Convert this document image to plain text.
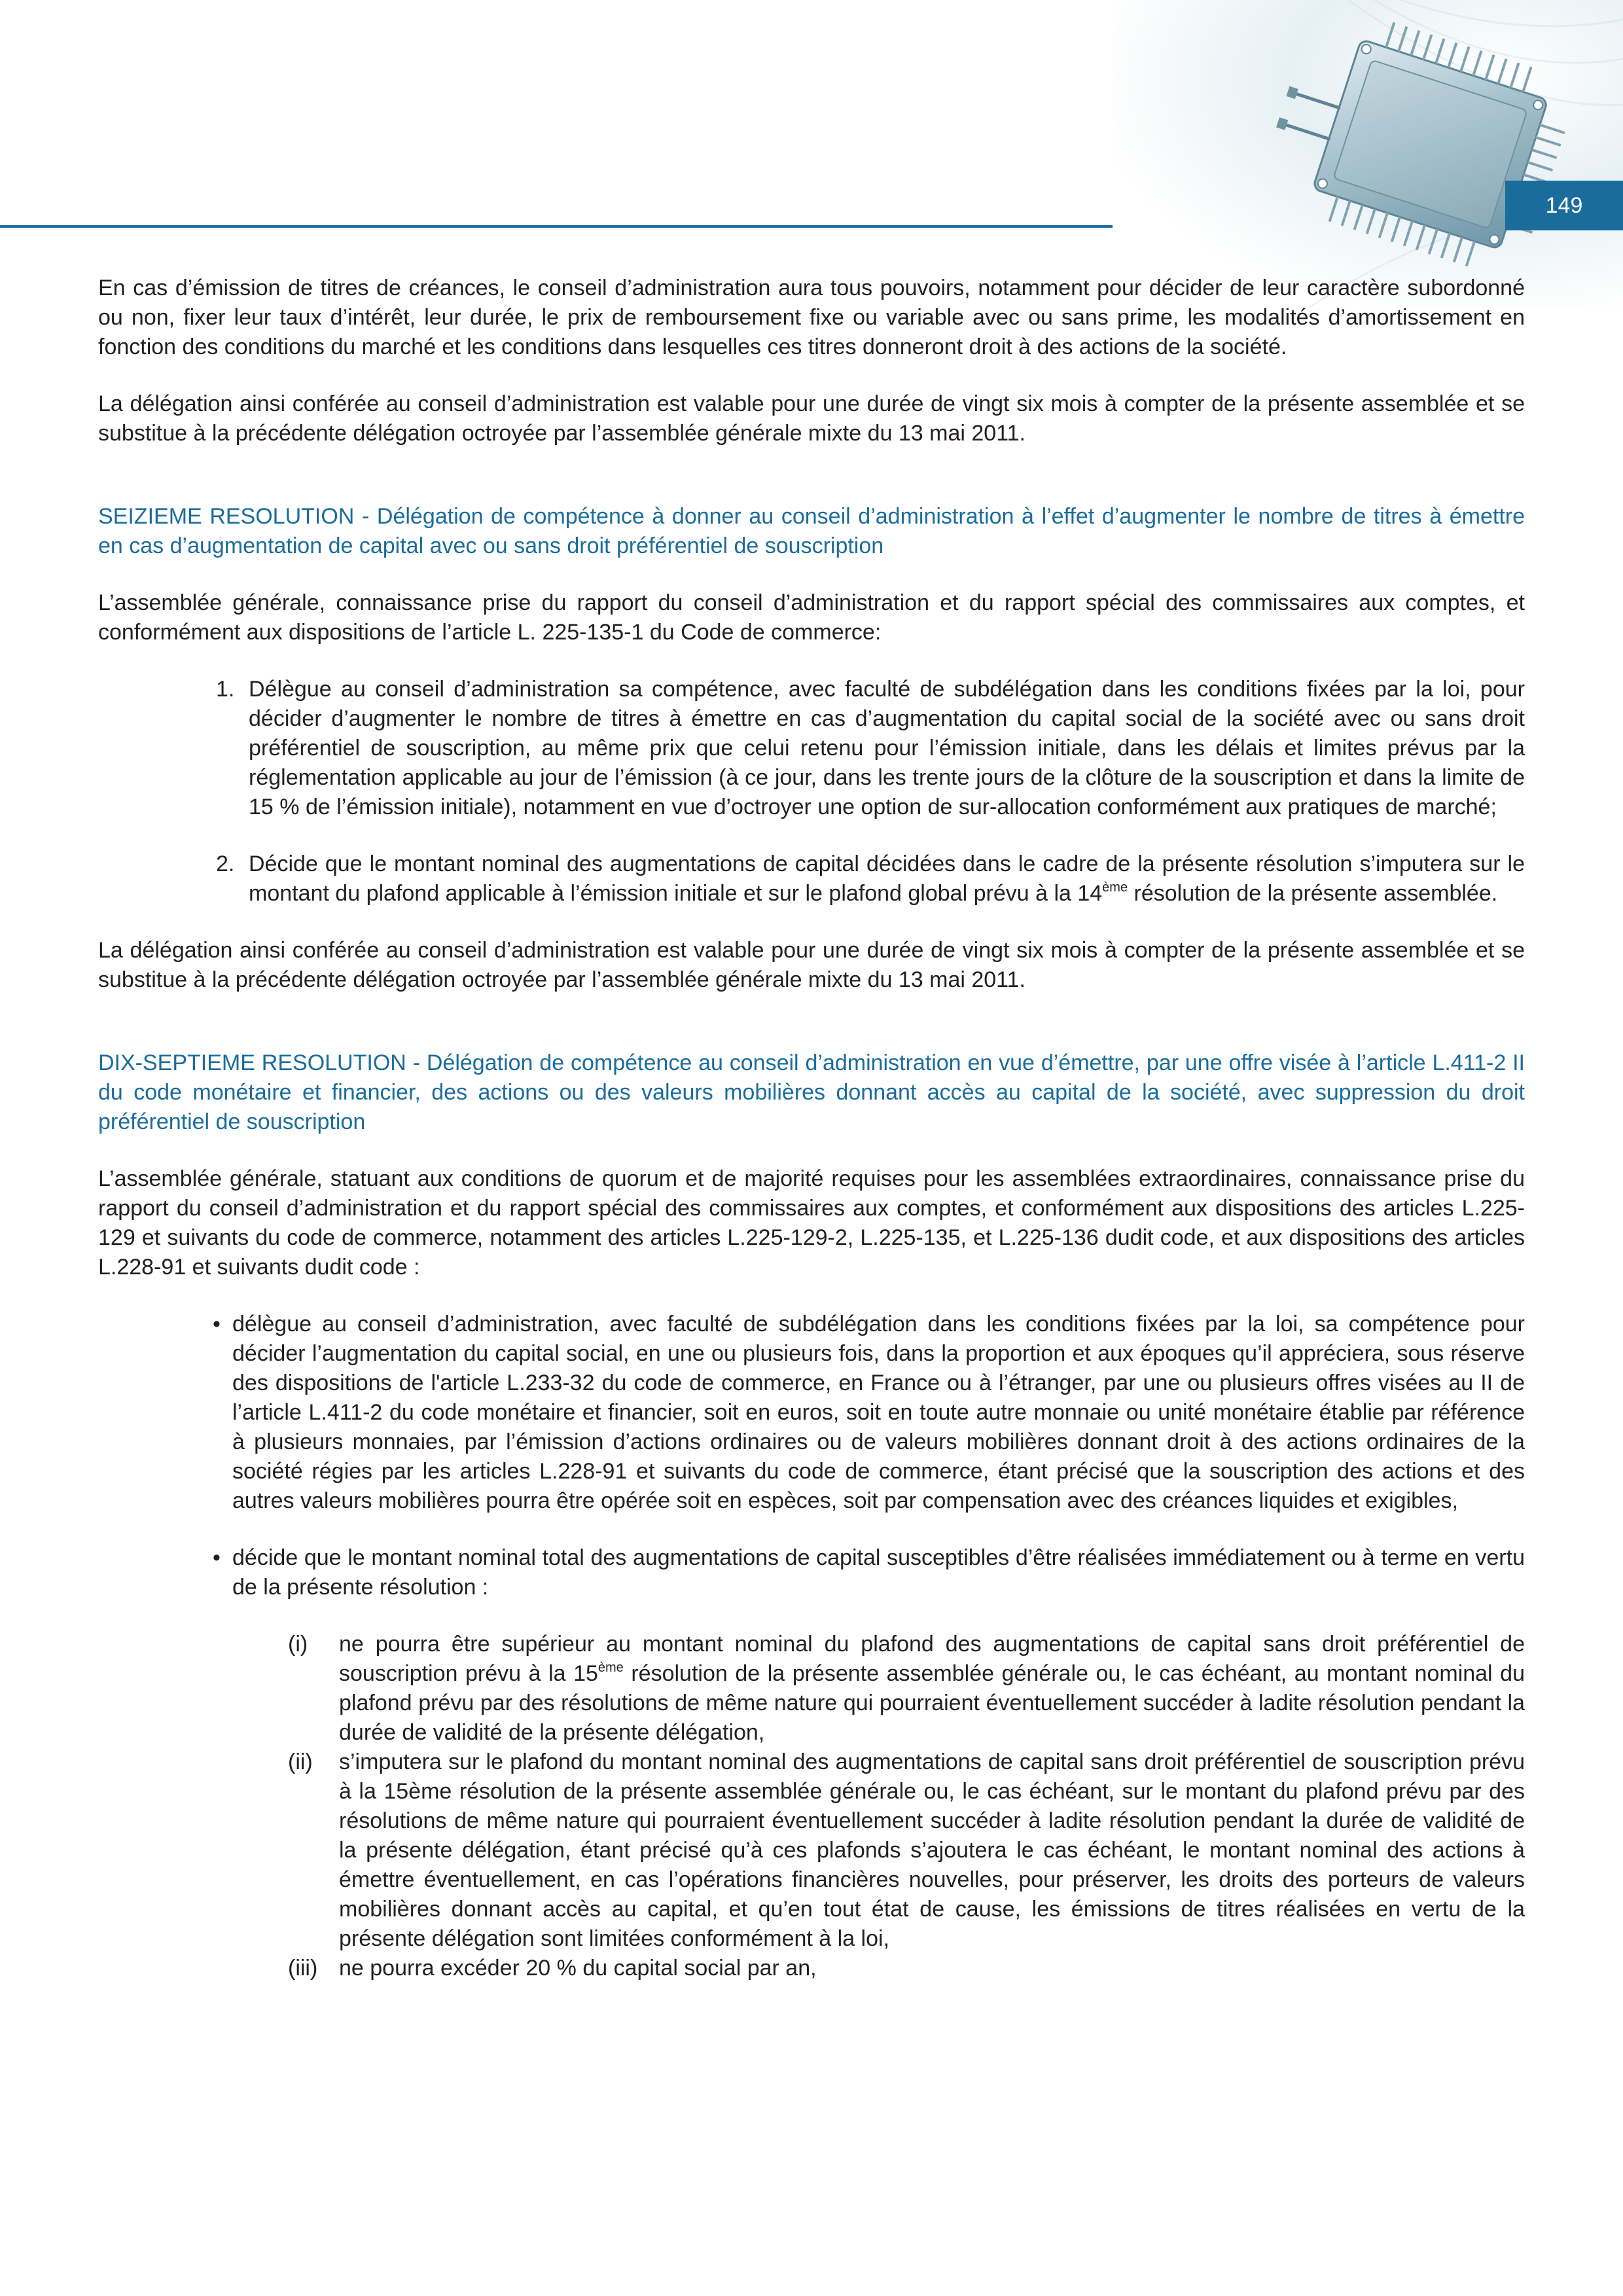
149

En cas d’émission de titres de créances, le conseil d’administration aura tous pouvoirs, notamment pour décider de leur caractère subordonné ou non, fixer leur taux d’intérêt, leur durée, le prix de remboursement fixe ou variable avec ou sans prime, les modalités d’amortissement en fonction des conditions du marché et les conditions dans lesquelles ces titres donneront droit à des actions de la société.

La délégation ainsi conférée au conseil d’administration est valable pour une durée de vingt six mois à compter de la présente assemblée et se substitue à la précédente délégation octroyée par l’assemblée générale mixte du 13 mai 2011.

SEIZIEME RESOLUTION - Délégation de compétence à donner au conseil d’administration à l’effet d’augmenter le nombre de titres à émettre en cas d’augmentation de capital avec ou sans droit préférentiel de souscription

L’assemblée générale, connaissance prise du rapport du conseil d’administration et du rapport spécial des commissaires aux comptes, et conformément aux dispositions de l’article L. 225-135-1 du Code de commerce:

1. Délègue au conseil d’administration sa compétence, avec faculté de subdélégation dans les conditions fixées par la loi, pour décider d’augmenter le nombre de titres à émettre en cas d’augmentation du capital social de la société avec ou sans droit préférentiel de souscription, au même prix que celui retenu pour l’émission initiale, dans les délais et limites prévus par la réglementation applicable au jour de l’émission (à ce jour, dans les trente jours de la clôture de la souscription et dans la limite de 15 % de l’émission initiale), notamment en vue d’octroyer une option de sur-allocation conformément aux pratiques de marché;

2. Décide que le montant nominal des augmentations de capital décidées dans le cadre de la présente résolution s’imputera sur le montant du plafond applicable à l’émission initiale et sur le plafond global prévu à la 14ème résolution de la présente assemblée.

La délégation ainsi conférée au conseil d’administration est valable pour une durée de vingt six mois à compter de la présente assemblée et se substitue à la précédente délégation octroyée par l’assemblée générale mixte du 13 mai 2011.

DIX-SEPTIEME RESOLUTION - Délégation de compétence au conseil d’administration en vue d’émettre, par une offre visée à l’article L.411-2 II du code monétaire et financier, des actions ou des valeurs mobilières donnant accès au capital de la société, avec suppression du droit préférentiel de souscription

L’assemblée générale, statuant aux conditions de quorum et de majorité requises pour les assemblées extraordinaires, connaissance prise du rapport du conseil d’administration et du rapport spécial des commissaires aux comptes, et conformément aux dispositions des articles L.225-129 et suivants du code de commerce, notamment des articles L.225-129-2, L.225-135, et L.225-136 dudit code, et aux dispositions des articles L.228-91 et suivants dudit code :

• délègue au conseil d’administration, avec faculté de subdélégation dans les conditions fixées par la loi, sa compétence pour décider l’augmentation du capital social, en une ou plusieurs fois, dans la proportion et aux époques qu’il appréciera, sous réserve des dispositions de l'article L.233-32 du code de commerce, en France ou à l’étranger, par une ou plusieurs offres visées au II de l’article L.411-2 du code monétaire et financier, soit en euros, soit en toute autre monnaie ou unité monétaire établie par référence à plusieurs monnaies, par l’émission d’actions ordinaires ou de valeurs mobilières donnant droit à des actions ordinaires de la société régies par les articles L.228-91 et suivants du code de commerce, étant précisé que la souscription des actions et des autres valeurs mobilières pourra être opérée soit en espèces, soit par compensation avec des créances liquides et exigibles,

• décide que le montant nominal total des augmentations de capital susceptibles d’être réalisées immédiatement ou à terme en vertu de la présente résolution :

(i)	ne pourra être supérieur au montant nominal du plafond des augmentations de capital sans droit préférentiel de souscription prévu à la 15ème résolution de la présente assemblée générale ou, le cas échéant, au montant nominal du plafond prévu par des résolutions de même nature qui pourraient éventuellement succéder à ladite résolution pendant la durée de validité de la présente délégation,

(ii)	s’imputera sur le plafond du montant nominal des augmentations de capital sans droit préférentiel de souscription prévu à la 15ème résolution de la présente assemblée générale ou, le cas échéant, sur le montant du plafond prévu par des résolutions de même nature qui pourraient éventuellement succéder à ladite résolution pendant la durée de validité de la présente délégation, étant précisé qu’à ces plafonds s’ajoutera le cas échéant, le montant nominal des actions à émettre éventuellement, en cas l’opérations financières nouvelles, pour préserver, les droits des porteurs de valeurs mobilières donnant accès au capital, et qu’en tout état de cause, les émissions de titres réalisées en vertu de la présente délégation sont limitées conformément à la loi,

(iii) ne pourra excéder 20 % du capital social par an,
